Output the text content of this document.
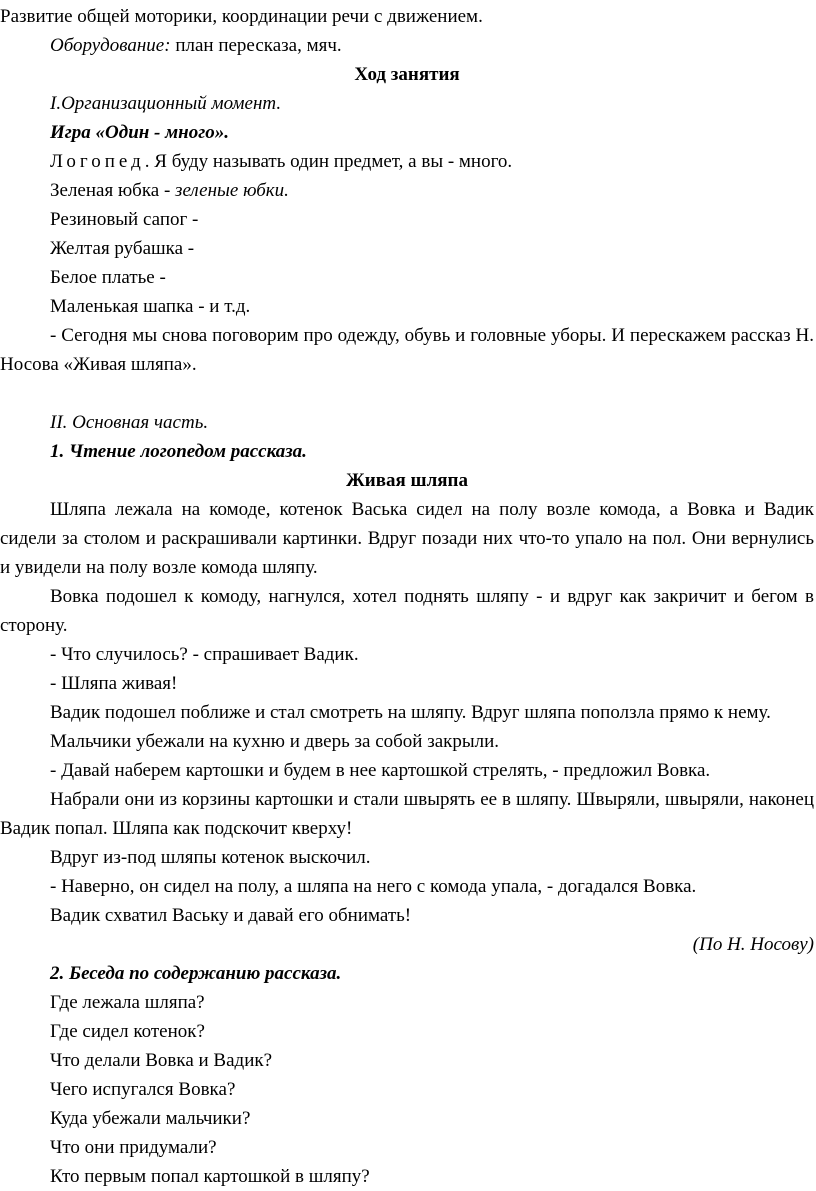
Развитие общей моторики, координации речи с движением.

Оборудование: план пересказа, мяч.

Ход занятия

I.Организационный момент.

Игра «Один - много».

Логопед. Я буду называть один предмет, а вы - много.

Зеленая юбка - зеленые юбки.

Резиновый сапог -

Желтая рубашка -

Белое платье -

Маленькая шапка - и т.д.

- Сегодня мы снова поговорим про одежду, обувь и головные уборы. И перескажем рассказ Н. Носова «Живая шляпа».

II. Основная часть.

1. Чтение логопедом рассказа.

Живая шляпа

Шляпа лежала на комоде, котенок Васька сидел на полу возле комода, а Вовка и Вадик сидели за столом и раскрашивали картинки. Вдруг позади них что-то упало на пол. Они вернулись и увидели на полу возле комода шляпу.

Вовка подошел к комоду, нагнулся, хотел поднять шляпу - и вдруг как закричит и бегом в сторону.

- Что случилось? - спрашивает Вадик.

- Шляпа живая!

Вадик подошел поближе и стал смотреть на шляпу. Вдруг шляпа поползла прямо к нему.

Мальчики убежали на кухню и дверь за собой закрыли.

- Давай наберем картошки и будем в нее картошкой стрелять, - предложил Вовка.

Набрали они из корзины картошки и стали швырять ее в шляпу. Швыряли, швыряли, наконец Вадик попал. Шляпа как подскочит кверху!

Вдруг из-под шляпы котенок выскочил.

- Наверно, он сидел на полу, а шляпа на него с комода упала, - догадался Вовка.

Вадик схватил Ваську и давай его обнимать!

(По Н. Носову)

2. Беседа по содержанию рассказа.

Где лежала шляпа?

Где сидел котенок?

Что делали Вовка и Вадик?

Чего испугался Вовка?

Куда убежали мальчики?

Что они придумали?

Кто первым попал картошкой в шляпу?
